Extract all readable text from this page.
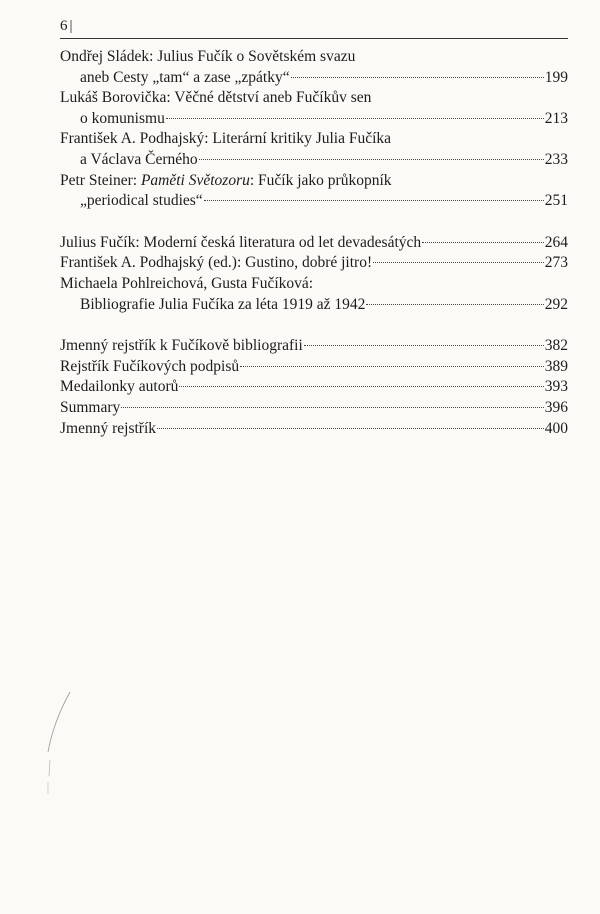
6 |
Ondřej Sládek: Julius Fučík o Sovětském svazu
aneb Cesty „tam“ a zase „zpátky“	199
Lukáš Borovička: Věčné dětství aneb Fučíkův sen
o komunismu	213
František A. Podhajský: Literární kritiky Julia Fučíka
a Václava Černého	233
Petr Steiner: Paměti Světozoru: Fučík jako průkopník
„periodical studies“	251
Julius Fučík: Moderní česká literatura od let devadesátých	264
František A. Podhajský (ed.): Gustino, dobré jitro!	273
Michaela Pohlreichová, Gusta Fučíková:
Bibliografie Julia Fučíka za léta 1919 až 1942	292
Jmenný rejstřík k Fučíkově bibliografii	382
Rejstřík Fučíkových podpisů	389
Medailonky autorů	393
Summary	396
Jmenný rejstřík	400
